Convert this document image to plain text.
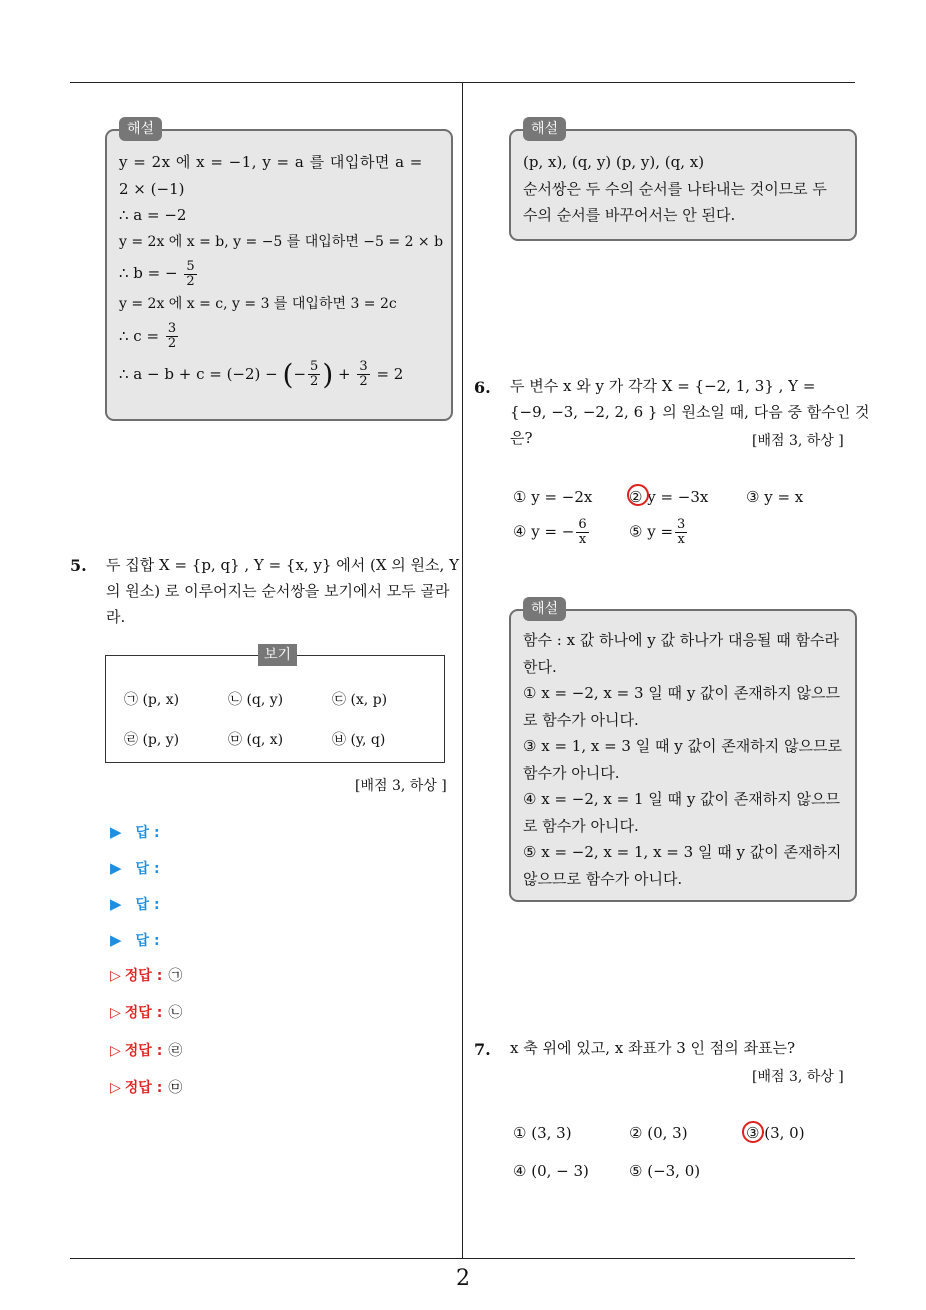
해설
y = 2x 에 x = −1, y = a 를 대입하면 a =
2 × (−1)
∴ a = −2
y = 2x 에 x = b, y = −5 를 대입하면 −5 = 2 × b
∴ b = − $\frac{5}{2}$
y = 2x 에 x = c, y = 3 를 대입하면 3 = 2c
∴ $c = \frac{3}{2}$
∴ a − b + c = (−2) − (− $\frac{5}{2}$ ) + $\frac{3}{2} = 2$
5. 두 집합 X = {p, q} , Y = {x, y} 에서 (X 의 원소, Y
의 원소) 로 이루어지는 순서쌍을 보기에서 모두 골라
라.
보기
㉠ (p, x)	㉡ (q, y)	㉢ (x, p)
㉣ (p, y)	㉤ (q, x)	㉥ (y, q)
[배점 3, 하상 ]
▶ 답 :
▶ 답 :
▶ 답 :
▶ 답 :
▷ 정답 : ㉠
▷ 정답 : ㉡
▷ 정답 : ㉣
▷ 정답 : ㉤
해설
(p, x), (q, y) (p, y), (q, x)
순서쌍은 두 수의 순서를 나타내는 것이므로 두
수의 순서를 바꾸어서는 안 된다.
6. 두 변수 x 와 y 가 각각 X = {−2, 1, 3} , Y =
{−9, −3, −2, 2, 6 } 의 원소일 때, 다음 중 함수인 것
은?	[배점 3, 하상 ]
① y = −2x ② y = −3x	③ y = x
④ y = − $\frac{6}{x}$	⑤ $y = \frac{3}{x}$
해설
함수 : x 값 하나에 y 값 하나가 대응될 때 함수라
한다.
① x = −2, x = 3 일 때 y 값이 존재하지 않으므
로 함수가 아니다.
③ x = 1, x = 3 일 때 y 값이 존재하지 않으므로
함수가 아니다.
④ x = −2, x = 1 일 때 y 값이 존재하지 않으므
로 함수가 아니다.
⑤ x = −2, x = 1, x = 3 일 때 y 값이 존재하지
않으므로 함수가 아니다.
7. x 축 위에 있고, x 좌표가 3 인 점의 좌표는?
[배점 3, 하상 ]
① (3, 3)	② (0, 3)	③ (3, 0)
④ (0, − 3)	⑤ (−3, 0)
2
